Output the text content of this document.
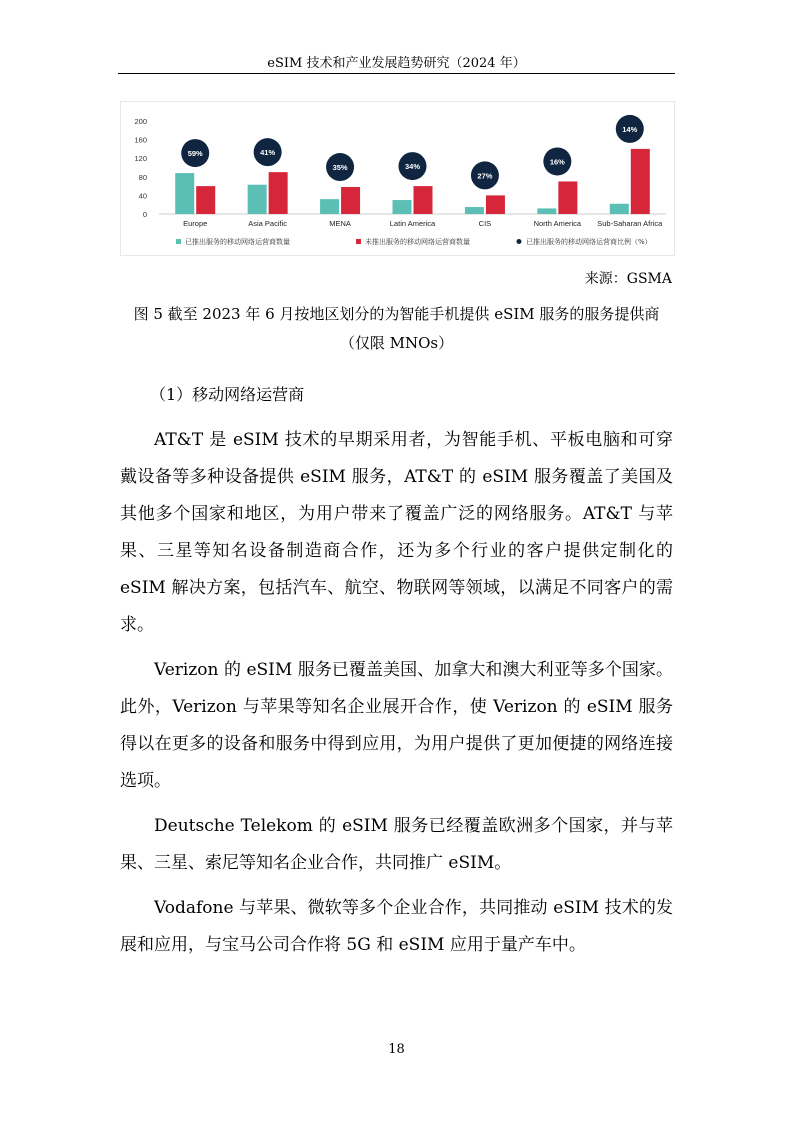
eSIM 技术和产业发展趋势研究（2024 年）
0
40
80
120
160
200
Europe
59%
Asia Pacific
41%
MENA
35%
Latin America
34%
CIS
27%
North America
16%
Sub-Saharan Africa
14%
已推出服务的移动网络运营商数量	未推出服务的移动网络运营商数量	已推出服务的移动网络运营商比例（%）
来源：GSMA
图 5 截至 2023 年 6 月按地区划分的为智能手机提供 eSIM 服务的服务提供商
（仅限 MNOs）
（1）移动网络运营商

AT&T 是 eSIM 技术的早期采用者，为智能手机、平板电脑和可穿戴设备等多种设备提供 eSIM 服务，AT&T 的 eSIM 服务覆盖了美国及其他多个国家和地区，为用户带来了覆盖广泛的网络服务。AT&T 与苹果、三星等知名设备制造商合作，还为多个行业的客户提供定制化的 eSIM 解决方案，包括汽车、航空、物联网等领域，以满足不同客户的需求。

Verizon 的 eSIM 服务已覆盖美国、加拿大和澳大利亚等多个国家。此外，Verizon 与苹果等知名企业展开合作，使 Verizon 的 eSIM 服务得以在更多的设备和服务中得到应用，为用户提供了更加便捷的网络连接选项。

Deutsche Telekom 的 eSIM 服务已经覆盖欧洲多个国家，并与苹果、三星、索尼等知名企业合作，共同推广 eSIM。

Vodafone 与苹果、微软等多个企业合作，共同推动 eSIM 技术的发展和应用，与宝马公司合作将 5G 和 eSIM 应用于量产车中。

18
